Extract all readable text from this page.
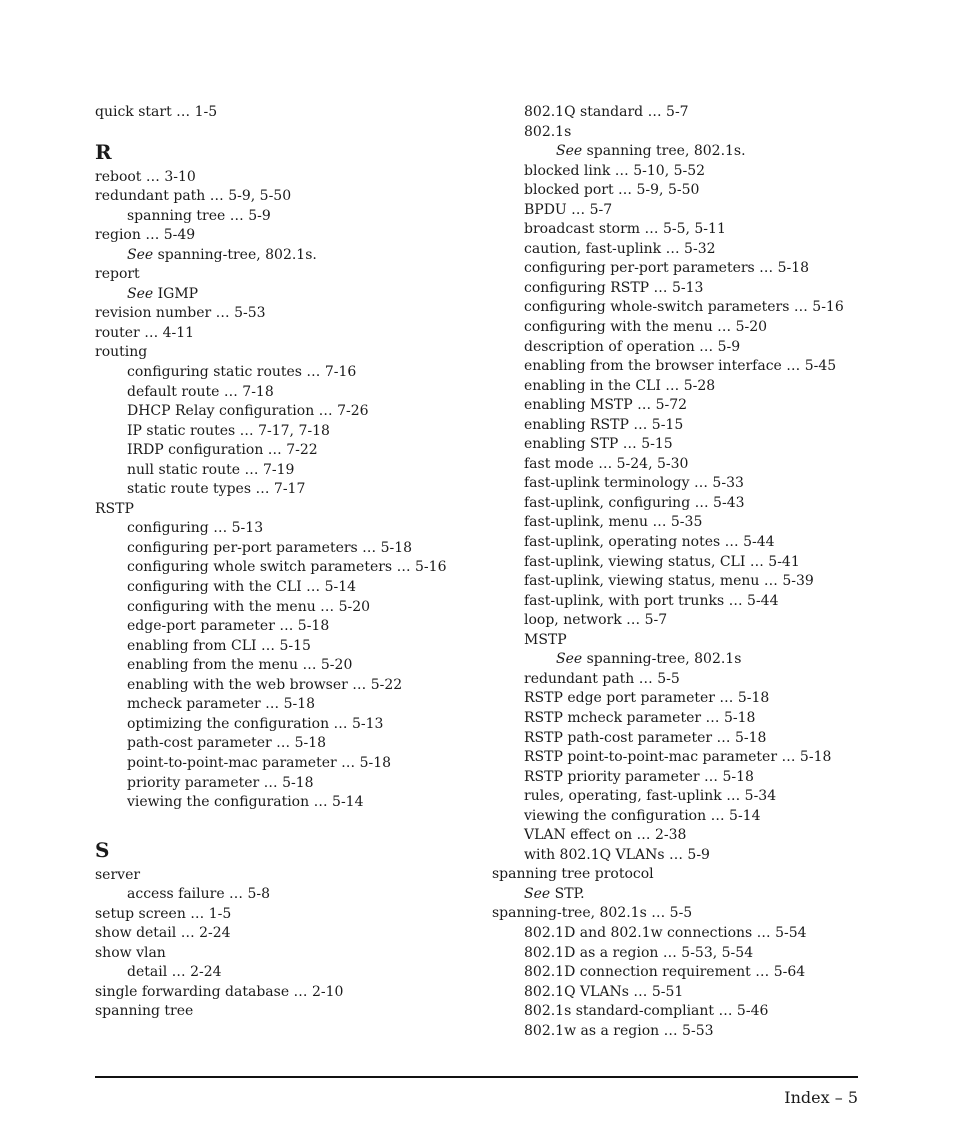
quick start … 1-5
R
reboot … 3-10
redundant path … 5-9, 5-50
spanning tree … 5-9
region … 5-49
See spanning-tree, 802.1s.
report
See IGMP
revision number … 5-53
router … 4-11
routing
configuring static routes … 7-16
default route … 7-18
DHCP Relay configuration … 7-26
IP static routes … 7-17, 7-18
IRDP configuration … 7-22
null static route … 7-19
static route types … 7-17
RSTP
configuring … 5-13
configuring per-port parameters … 5-18
configuring whole switch parameters … 5-16
configuring with the CLI … 5-14
configuring with the menu … 5-20
edge-port parameter … 5-18
enabling from CLI … 5-15
enabling from the menu … 5-20
enabling with the web browser … 5-22
mcheck parameter … 5-18
optimizing the configuration … 5-13
path-cost parameter … 5-18
point-to-point-mac parameter … 5-18
priority parameter … 5-18
viewing the configuration … 5-14
S
server
access failure … 5-8
setup screen … 1-5
show detail … 2-24
show vlan
detail … 2-24
single forwarding database … 2-10
spanning tree
802.1Q standard … 5-7
802.1s
See spanning tree, 802.1s.
blocked link … 5-10, 5-52
blocked port … 5-9, 5-50
BPDU … 5-7
broadcast storm … 5-5, 5-11
caution, fast-uplink … 5-32
configuring per-port parameters … 5-18
configuring RSTP … 5-13
configuring whole-switch parameters … 5-16
configuring with the menu … 5-20
description of operation … 5-9
enabling from the browser interface … 5-45
enabling in the CLI … 5-28
enabling MSTP … 5-72
enabling RSTP … 5-15
enabling STP … 5-15
fast mode … 5-24, 5-30
fast-uplink terminology … 5-33
fast-uplink, configuring … 5-43
fast-uplink, menu … 5-35
fast-uplink, operating notes … 5-44
fast-uplink, viewing status, CLI … 5-41
fast-uplink, viewing status, menu … 5-39
fast-uplink, with port trunks … 5-44
loop, network … 5-7
MSTP
See spanning-tree, 802.1s
redundant path … 5-5
RSTP edge port parameter … 5-18
RSTP mcheck parameter … 5-18
RSTP path-cost parameter … 5-18
RSTP point-to-point-mac parameter … 5-18
RSTP priority parameter … 5-18
rules, operating, fast-uplink … 5-34
viewing the configuration … 5-14
VLAN effect on … 2-38
with 802.1Q VLANs … 5-9
spanning tree protocol
See STP.
spanning-tree, 802.1s … 5-5
802.1D and 802.1w connections … 5-54
802.1D as a region … 5-53, 5-54
802.1D connection requirement … 5-64
802.1Q VLANs … 5-51
802.1s standard-compliant … 5-46
802.1w as a region … 5-53
Index – 5
